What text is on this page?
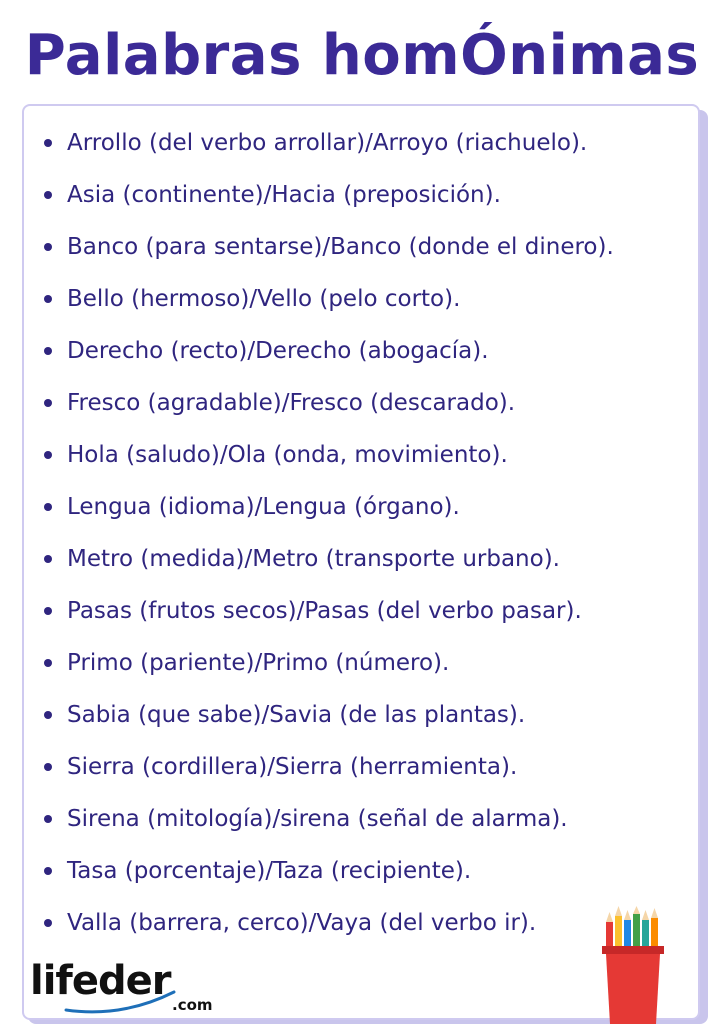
Palabras homÓnimas
Arrollo (del verbo arrollar)/Arroyo (riachuelo).
Asia (continente)/Hacia (preposición).
Banco (para sentarse)/Banco (donde el dinero).
Bello (hermoso)/Vello (pelo corto).
Derecho (recto)/Derecho (abogacía).
Fresco (agradable)/Fresco (descarado).
Hola (saludo)/Ola (onda, movimiento).
Lengua (idioma)/Lengua (órgano).
Metro (medida)/Metro (transporte urbano).
Pasas (frutos secos)/Pasas (del verbo pasar).
Primo (pariente)/Primo (número).
Sabia (que sabe)/Savia (de las plantas).
Sierra (cordillera)/Sierra (herramienta).
Sirena (mitología)/sirena (señal de alarma).
Tasa (porcentaje)/Taza (recipiente).
Valla (barrera, cerco)/Vaya (del verbo ir).
lifeder
.com
